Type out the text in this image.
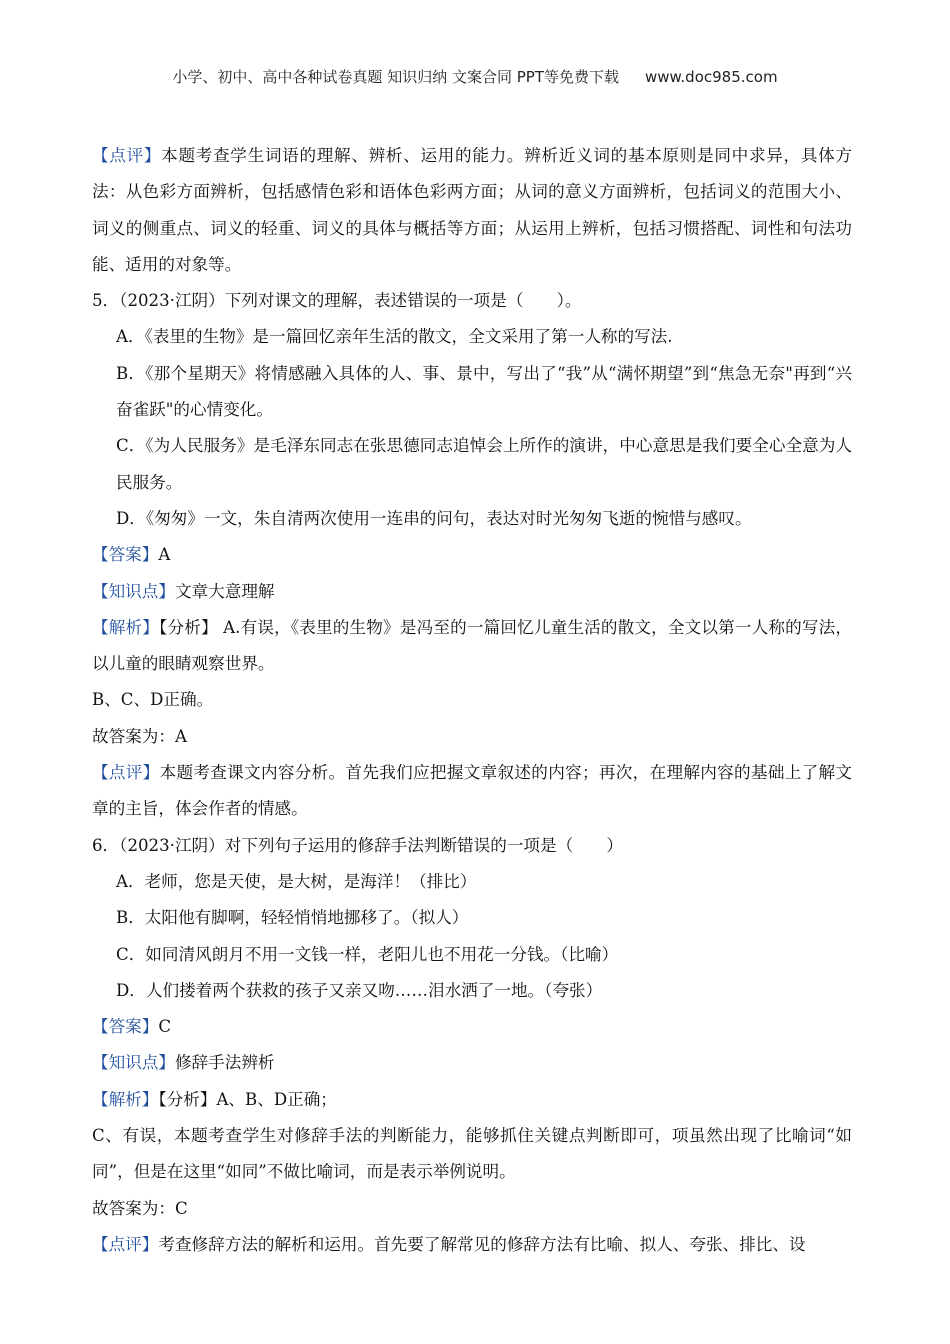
小学、初中、高中各种试卷真题 知识归纳 文案合同 PPT等免费下载 www.doc985.com

【点评】本题考查学生词语的理解、辨析、运用的能力。辨析近义词的基本原则是同中求异，具体方法：从色彩方面辨析，包括感情色彩和语体色彩两方面；从词的意义方面辨析，包括词义的范围大小、词义的侧重点、词义的轻重、词义的具体与概括等方面；从运用上辨析，包括习惯搭配、词性和句法功能、适用的对象等。

5．（2023·江阴）下列对课文的理解，表述错误的一项是（　　）。

A．《表里的生物》是一篇回忆亲年生活的散文，全文采用了第一人称的写法.

B．《那个星期天》将情感融入具体的人、事、景中，写出了“我”从“满怀期望”到“焦急无奈"再到“兴奋雀跃"的心情变化。

C．《为人民服务》是毛泽东同志在张思德同志追悼会上所作的演讲，中心意思是我们要全心全意为人民服务。

D．《匆匆》一文，朱自清两次使用一连串的问句，表达对时光匆匆飞逝的惋惜与感叹。

【答案】A

【知识点】文章大意理解

【解析】【分析】 A.有误，《表里的生物》是冯至的一篇回忆儿童生活的散文，全文以第一人称的写法，以儿童的眼睛观察世界。

B、C、D正确。

故答案为：A

【点评】本题考查课文内容分析。首先我们应把握文章叙述的内容；再次，在理解内容的基础上了解文章的主旨，体会作者的情感。

6．（2023·江阴）对下列句子运用的修辞手法判断错误的一项是（　　）

A．老师，您是天使，是大树，是海洋！（排比）

B．太阳他有脚啊，轻轻悄悄地挪移了。（拟人）

C．如同清风朗月不用一文钱一样，老阳儿也不用花一分钱。（比喻）

D．人们搂着两个获救的孩子又亲又吻……泪水洒了一地。（夸张）

【答案】C

【知识点】修辞手法辨析

【解析】【分析】A、B、D正确；

C、有误，本题考查学生对修辞手法的判断能力，能够抓住关键点判断即可，项虽然出现了比喻词“如同”，但是在这里“如同”不做比喻词，而是表示举例说明。

故答案为：C

【点评】考查修辞方法的解析和运用。首先要了解常见的修辞方法有比喻、拟人、夸张、排比、设
